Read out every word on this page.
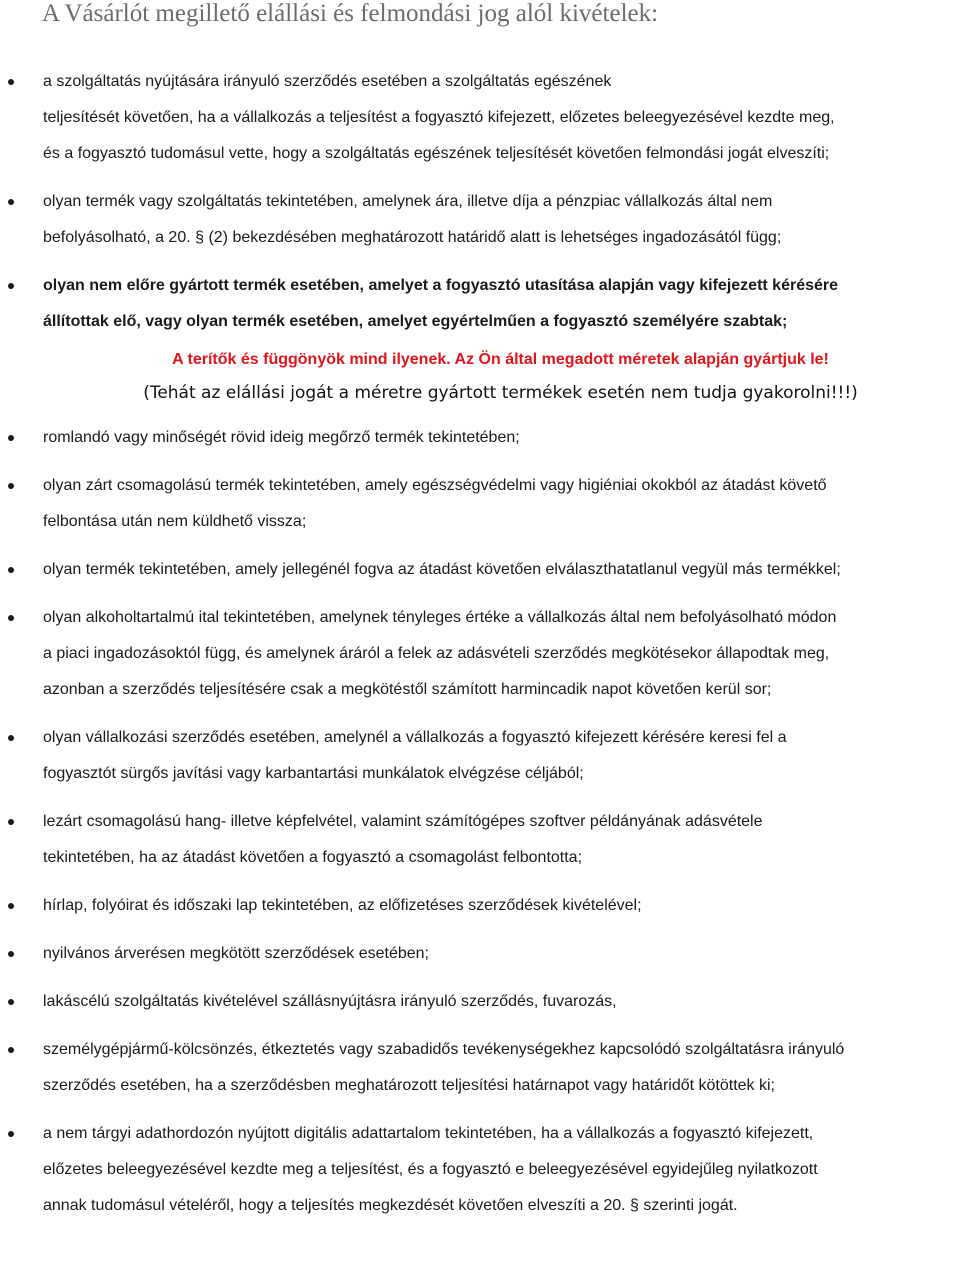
A Vásárlót megillető elállási és felmondási jog alól kivételek:
a szolgáltatás nyújtására irányuló szerződés esetében a szolgáltatás egészének
teljesítését követően, ha a vállalkozás a teljesítést a fogyasztó kifejezett, előzetes beleegyezésével kezdte meg,
és a fogyasztó tudomásul vette, hogy a szolgáltatás egészének teljesítését követően felmondási jogát elveszíti;
olyan termék vagy szolgáltatás tekintetében, amelynek ára, illetve díja a pénzpiac vállalkozás által nem
befolyásolható, a 20. § (2) bekezdésében meghatározott határidő alatt is lehetséges ingadozásától függ;
olyan nem előre gyártott termék esetében, amelyet a fogyasztó utasítása alapján vagy kifejezett kérésére
állítottak elő, vagy olyan termék esetében, amelyet egyértelműen a fogyasztó személyére szabtak;
A terítők és függönyök mind ilyenek. Az Ön által megadott méretek alapján gyártjuk le!
(Tehát az elállási jogát a méretre gyártott termékek esetén nem tudja gyakorolni!!!)
romlandó vagy minőségét rövid ideig megőrző termék tekintetében;
olyan zárt csomagolású termék tekintetében, amely egészségvédelmi vagy higiéniai okokból az átadást követő
felbontása után nem küldhető vissza;
olyan termék tekintetében, amely jellegénél fogva az átadást követően elválaszthatatlanul vegyül más termékkel;
olyan alkoholtartalmú ital tekintetében, amelynek tényleges értéke a vállalkozás által nem befolyásolható módon
a piaci ingadozásoktól függ, és amelynek áráról a felek az adásvételi szerződés megkötésekor állapodtak meg,
azonban a szerződés teljesítésére csak a megkötéstől számított harmincadik napot követően kerül sor;
olyan vállalkozási szerződés esetében, amelynél a vállalkozás a fogyasztó kifejezett kérésére keresi fel a
fogyasztót sürgős javítási vagy karbantartási munkálatok elvégzése céljából;
lezárt csomagolású hang- illetve képfelvétel, valamint számítógépes szoftver példányának adásvétele
tekintetében, ha az átadást követően a fogyasztó a csomagolást felbontotta;
hírlap, folyóirat és időszaki lap tekintetében, az előfizetéses szerződések kivételével;
nyilvános árverésen megkötött szerződések esetében;
lakáscélú szolgáltatás kivételével szállásnyújtásra irányuló szerződés, fuvarozás,
személygépjármű-kölcsönzés, étkeztetés vagy szabadidős tevékenységekhez kapcsolódó szolgáltatásra irányuló
szerződés esetében, ha a szerződésben meghatározott teljesítési határnapot vagy határidőt kötöttek ki;
a nem tárgyi adathordozón nyújtott digitális adattartalom tekintetében, ha a vállalkozás a fogyasztó kifejezett,
előzetes beleegyezésével kezdte meg a teljesítést, és a fogyasztó e beleegyezésével egyidejűleg nyilatkozott
annak tudomásul vételéről, hogy a teljesítés megkezdését követően elveszíti a 20. § szerinti jogát.
